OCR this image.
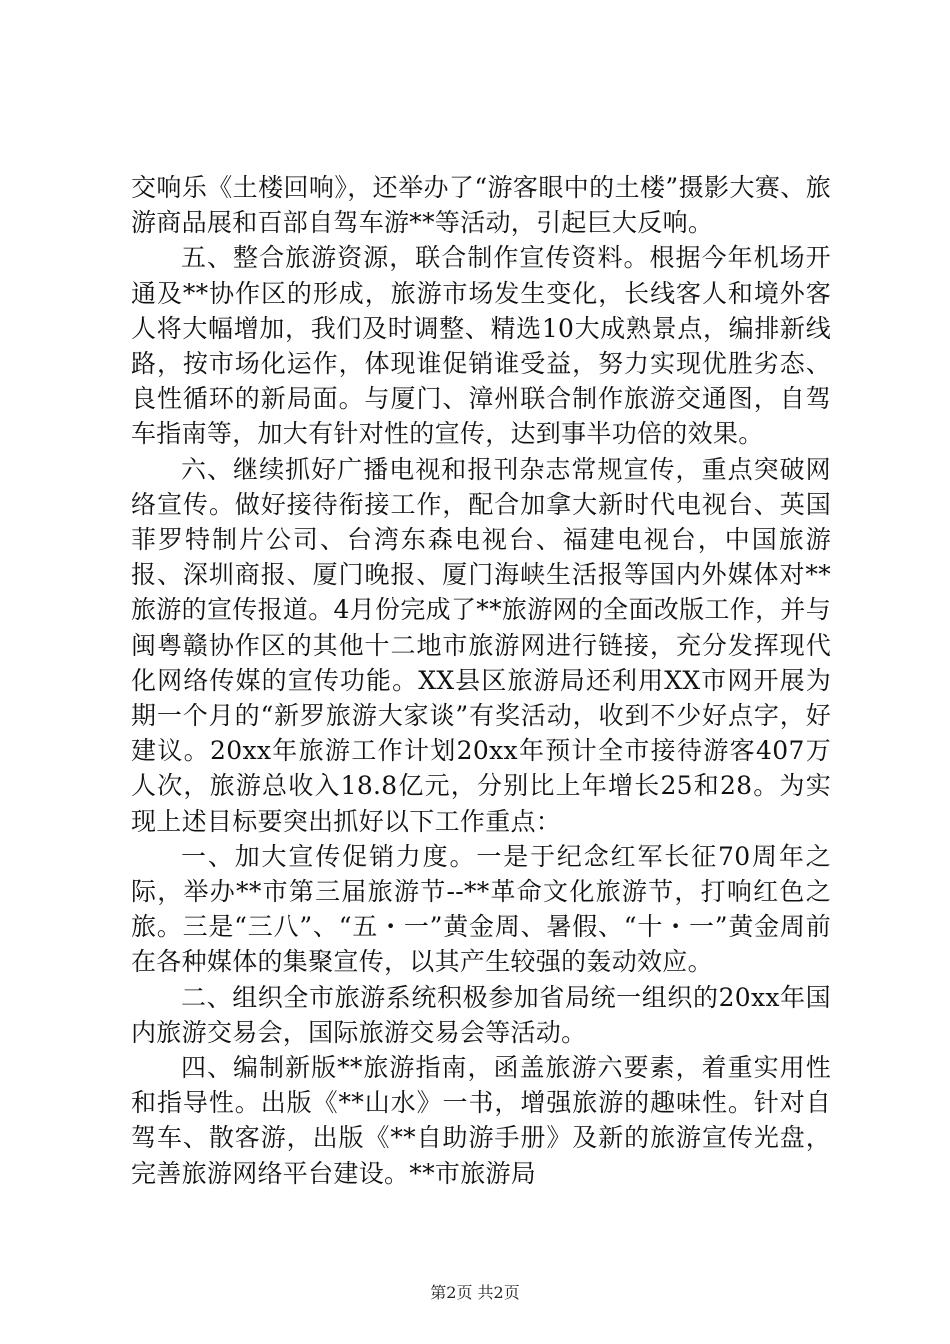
交响乐《土楼回响》，还举办了“游客眼中的土楼”摄影大赛、旅游商品展和百部自驾车游**等活动，引起巨大反响。

五、整合旅游资源，联合制作宣传资料。根据今年机场开通及**协作区的形成，旅游市场发生变化，长线客人和境外客人将大幅增加，我们及时调整、精选10大成熟景点，编排新线路，按市场化运作，体现谁促销谁受益，努力实现优胜劣态、良性循环的新局面。与厦门、漳州联合制作旅游交通图，自驾车指南等，加大有针对性的宣传，达到事半功倍的效果。

六、继续抓好广播电视和报刊杂志常规宣传，重点突破网络宣传。做好接待衔接工作，配合加拿大新时代电视台、英国菲罗特制片公司、台湾东森电视台、福建电视台，中国旅游报、深圳商报、厦门晚报、厦门海峡生活报等国内外媒体对**旅游的宣传报道。4月份完成了**旅游网的全面改版工作，并与闽粤赣协作区的其他十二地市旅游网进行链接，充分发挥现代化网络传媒的宣传功能。XX县区旅游局还利用XX市网开展为期一个月的“新罗旅游大家谈”有奖活动，收到不少好点字，好建议。20xx年旅游工作计划20xx年预计全市接待游客407万人次，旅游总收入18.8亿元，分别比上年增长25和28。为实现上述目标要突出抓好以下工作重点：

一、加大宣传促销力度。一是于纪念红军长征70周年之际，举办**市第三届旅游节--**革命文化旅游节，打响红色之旅。三是“三八”、“五・一”黄金周、暑假、“十・一”黄金周前在各种媒体的集聚宣传，以其产生较强的轰动效应。

二、组织全市旅游系统积极参加省局统一组织的20xx年国内旅游交易会，国际旅游交易会等活动。

四、编制新版**旅游指南，函盖旅游六要素，着重实用性和指导性。出版《**山水》一书，增强旅游的趣味性。针对自驾车、散客游，出版《**自助游手册》及新的旅游宣传光盘，完善旅游网络平台建设。**市旅游局

第2页 共2页
